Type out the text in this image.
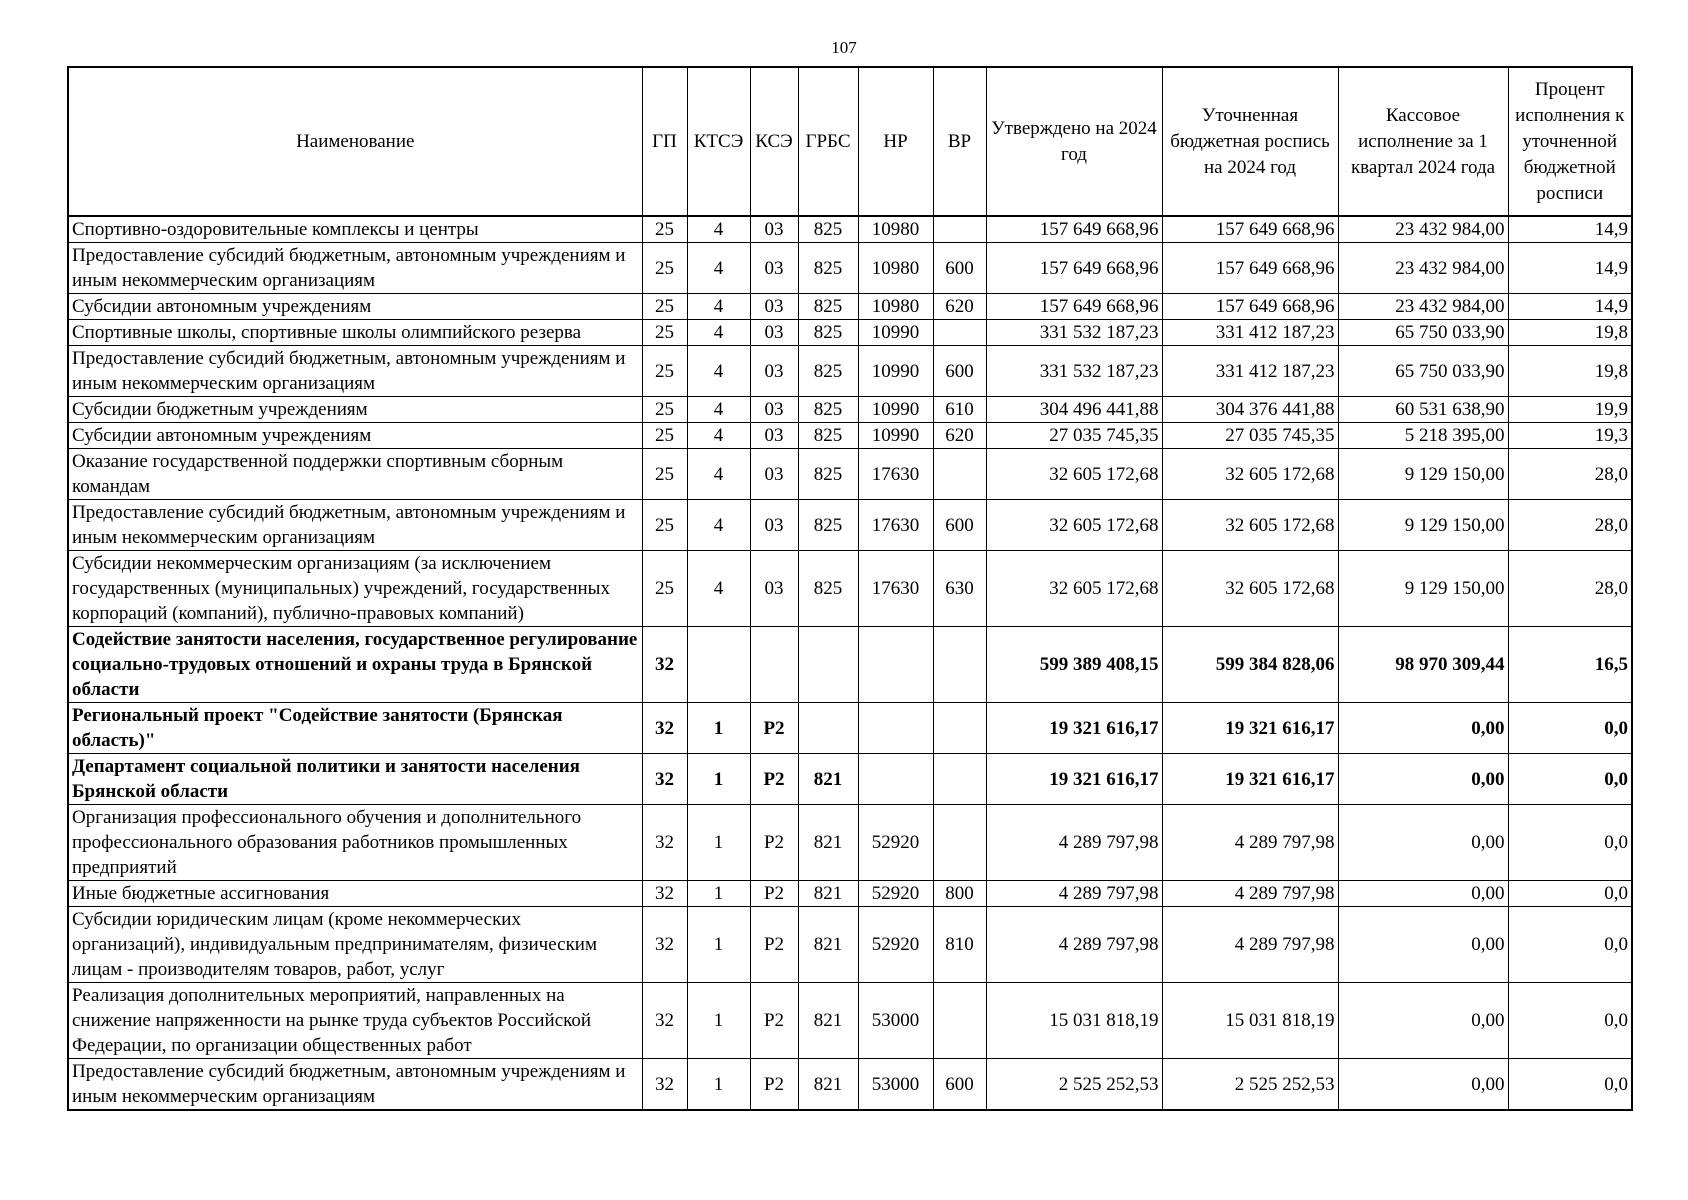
107
Наименование	ГП	КТСЭ	КСЭ	ГРБС	НР	ВР	Утверждено на 2024 год	Уточненная бюджетная роспись на 2024 год	Кассовое исполнение за 1 квартал 2024 года	Процент исполнения к уточненной бюджетной росписи
Спортивно-оздоровительные комплексы и центры	25	4	03	825	10980		157 649 668,96	157 649 668,96	23 432 984,00	14,9
Предоставление субсидий бюджетным, автономным учреждениям и иным некоммерческим организациям	25	4	03	825	10980	600	157 649 668,96	157 649 668,96	23 432 984,00	14,9
Субсидии автономным учреждениям	25	4	03	825	10980	620	157 649 668,96	157 649 668,96	23 432 984,00	14,9
Спортивные школы, спортивные школы олимпийского резерва	25	4	03	825	10990		331 532 187,23	331 412 187,23	65 750 033,90	19,8
Предоставление субсидий бюджетным, автономным учреждениям и иным некоммерческим организациям	25	4	03	825	10990	600	331 532 187,23	331 412 187,23	65 750 033,90	19,8
Субсидии бюджетным учреждениям	25	4	03	825	10990	610	304 496 441,88	304 376 441,88	60 531 638,90	19,9
Субсидии автономным учреждениям	25	4	03	825	10990	620	27 035 745,35	27 035 745,35	5 218 395,00	19,3
Оказание государственной поддержки спортивным сборным командам	25	4	03	825	17630		32 605 172,68	32 605 172,68	9 129 150,00	28,0
Предоставление субсидий бюджетным, автономным учреждениям и иным некоммерческим организациям	25	4	03	825	17630	600	32 605 172,68	32 605 172,68	9 129 150,00	28,0
Субсидии некоммерческим организациям (за исключением государственных (муниципальных) учреждений, государственных корпораций (компаний), публично-правовых компаний)	25	4	03	825	17630	630	32 605 172,68	32 605 172,68	9 129 150,00	28,0
Содействие занятости населения, государственное регулирование социально-трудовых отношений и охраны труда в Брянской области	32						599 389 408,15	599 384 828,06	98 970 309,44	16,5
Региональный проект "Содействие занятости (Брянская область)"	32	1	P2				19 321 616,17	19 321 616,17	0,00	0,0
Департамент социальной политики и занятости населения Брянской области	32	1	P2	821			19 321 616,17	19 321 616,17	0,00	0,0
Организация профессионального обучения и дополнительного профессионального образования работников промышленных предприятий	32	1	P2	821	52920		4 289 797,98	4 289 797,98	0,00	0,0
Иные бюджетные ассигнования	32	1	P2	821	52920	800	4 289 797,98	4 289 797,98	0,00	0,0
Субсидии юридическим лицам (кроме некоммерческих организаций), индивидуальным предпринимателям, физическим лицам - производителям товаров, работ, услуг	32	1	P2	821	52920	810	4 289 797,98	4 289 797,98	0,00	0,0
Реализация дополнительных мероприятий, направленных на снижение напряженности на рынке труда субъектов Российской Федерации, по организации общественных работ	32	1	P2	821	53000		15 031 818,19	15 031 818,19	0,00	0,0
Предоставление субсидий бюджетным, автономным учреждениям и иным некоммерческим организациям	32	1	P2	821	53000	600	2 525 252,53	2 525 252,53	0,00	0,0
